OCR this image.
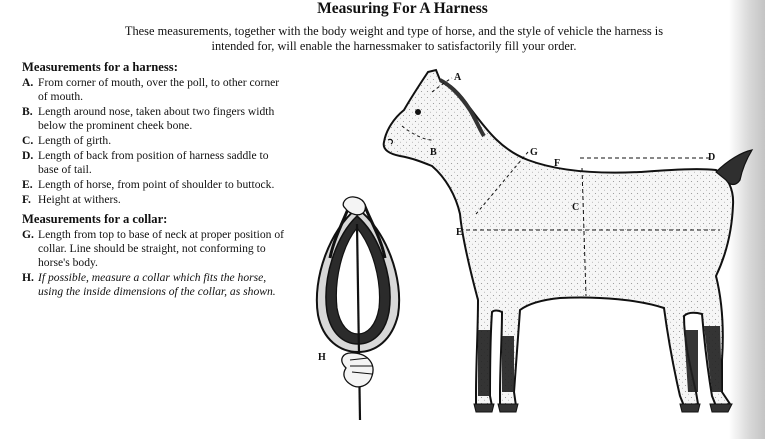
Measuring For A Harness
These measurements, together with the body weight and type of horse, and the style of vehicle the harness is intended for, will enable the harnessmaker to satisfactorily fill your order.
Measurements for a harness:
A. From corner of mouth, over the poll, to other corner of mouth.
B. Length around nose, taken about two fingers width below the prominent cheek bone.
C. Length of girth.
D. Length of back from position of harness saddle to base of tail.
E. Length of horse, from point of shoulder to buttock.
F. Height at withers.
Measurements for a collar:
G. Length from top to base of neck at proper position of collar. Line should be straight, not conforming to horse's body.
H. If possible, measure a collar which fits the horse, using the inside dimensions of the collar, as shown.
H
A
B
C
D
E
F
G
